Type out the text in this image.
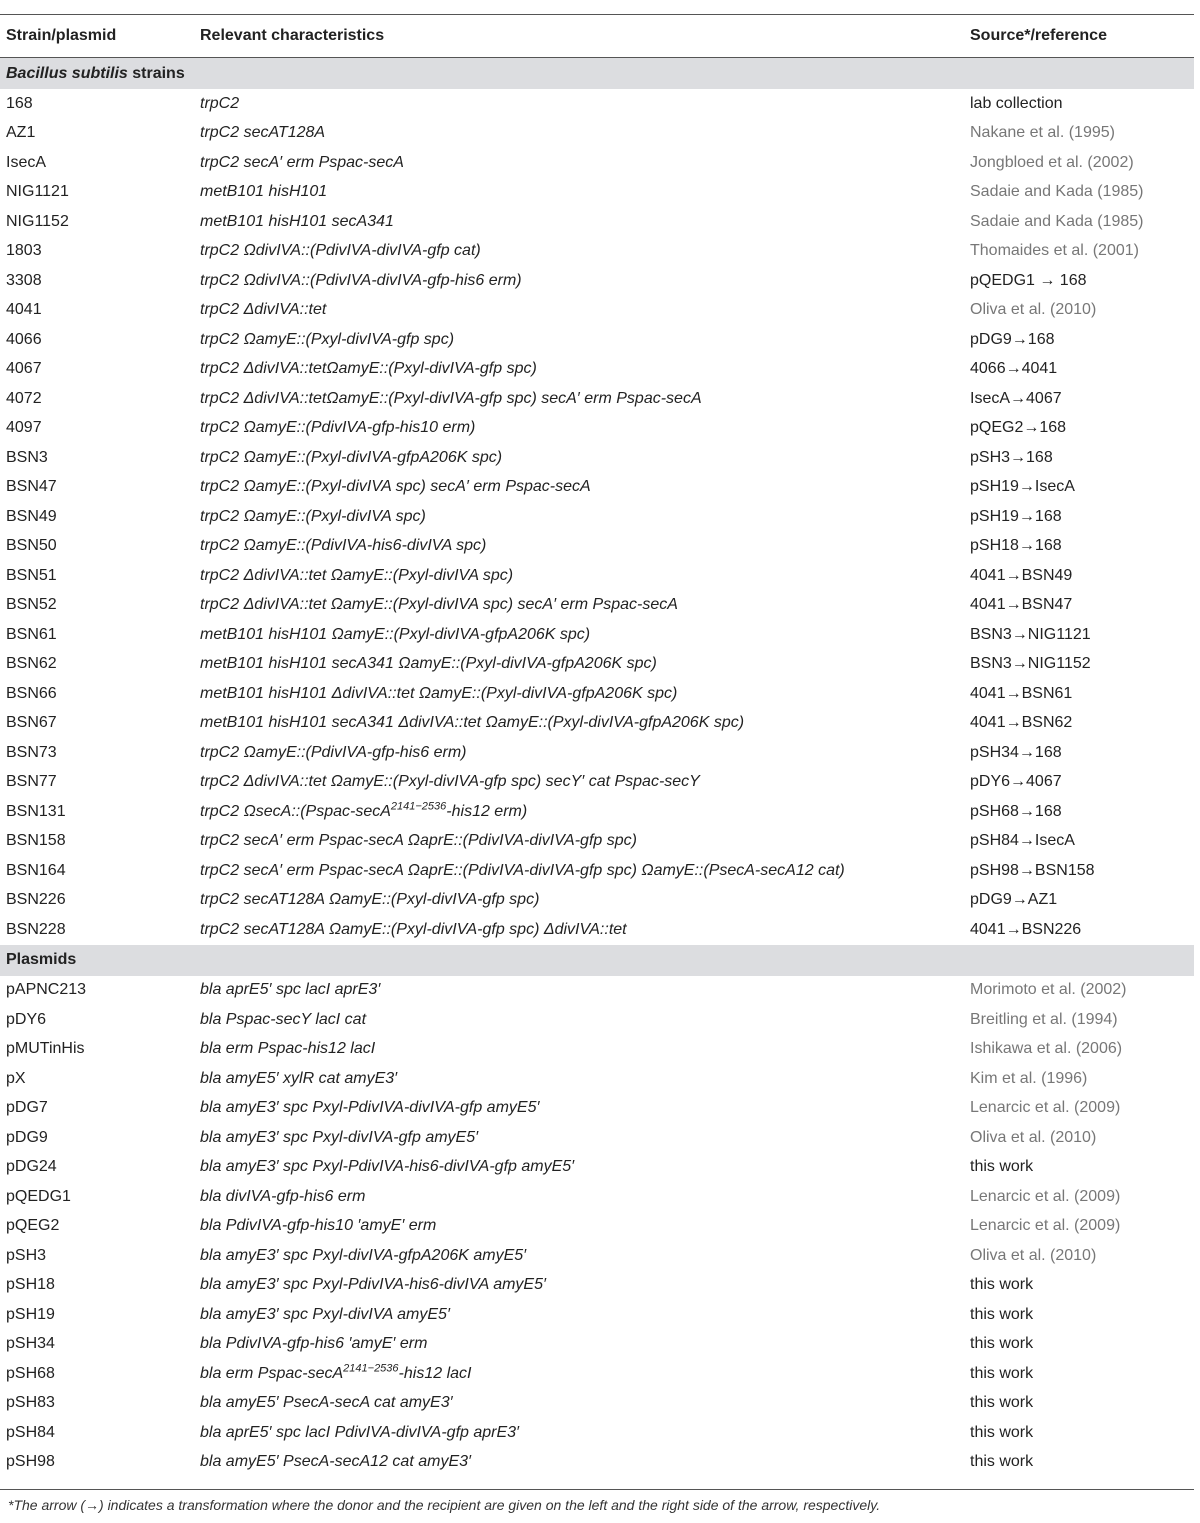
Strain/plasmid	Relevant characteristics	Source*/reference
Bacillus subtilis strains
168	trpC2	lab collection
AZ1	trpC2 secAT128A	Nakane et al. (1995)
IsecA	trpC2 secA′ erm Pspac-secA	Jongbloed et al. (2002)
NIG1121	metB101 hisH101	Sadaie and Kada (1985)
NIG1152	metB101 hisH101 secA341	Sadaie and Kada (1985)
1803	trpC2 ΩdivIVA::(PdivIVA-divIVA-gfp cat)	Thomaides et al. (2001)
3308	trpC2 ΩdivIVA::(PdivIVA-divIVA-gfp-his6 erm)	pQEDG1 → 168
4041	trpC2 ΔdivIVA::tet	Oliva et al. (2010)
4066	trpC2 ΩamyE::(Pxyl-divIVA-gfp spc)	pDG9→168
4067	trpC2 ΔdivIVA::tetΩamyE::(Pxyl-divIVA-gfp spc)	4066→4041
4072	trpC2 ΔdivIVA::tetΩamyE::(Pxyl-divIVA-gfp spc) secA′ erm Pspac-secA	IsecA→4067
4097	trpC2 ΩamyE::(PdivIVA-gfp-his10 erm)	pQEG2→168
BSN3	trpC2 ΩamyE::(Pxyl-divIVA-gfpA206K spc)	pSH3→168
BSN47	trpC2 ΩamyE::(Pxyl-divIVA spc) secA′ erm Pspac-secA	pSH19→IsecA
BSN49	trpC2 ΩamyE::(Pxyl-divIVA spc)	pSH19→168
BSN50	trpC2 ΩamyE::(PdivIVA-his6-divIVA spc)	pSH18→168
BSN51	trpC2 ΔdivIVA::tet ΩamyE::(Pxyl-divIVA spc)	4041→BSN49
BSN52	trpC2 ΔdivIVA::tet ΩamyE::(Pxyl-divIVA spc) secA′ erm Pspac-secA	4041→BSN47
BSN61	metB101 hisH101 ΩamyE::(Pxyl-divIVA-gfpA206K spc)	BSN3→NIG1121
BSN62	metB101 hisH101 secA341 ΩamyE::(Pxyl-divIVA-gfpA206K spc)	BSN3→NIG1152
BSN66	metB101 hisH101 ΔdivIVA::tet ΩamyE::(Pxyl-divIVA-gfpA206K spc)	4041→BSN61
BSN67	metB101 hisH101 secA341 ΔdivIVA::tet ΩamyE::(Pxyl-divIVA-gfpA206K spc)	4041→BSN62
BSN73	trpC2 ΩamyE::(PdivIVA-gfp-his6 erm)	pSH34→168
BSN77	trpC2 ΔdivIVA::tet ΩamyE::(Pxyl-divIVA-gfp spc) secY′ cat Pspac-secY	pDY6→4067
BSN131	trpC2 ΩsecA::(Pspac-secA$^{2141-2536}$-his12 erm)	pSH68→168
BSN158	trpC2 secA′ erm Pspac-secA ΩaprE::(PdivIVA-divIVA-gfp spc)	pSH84→IsecA
BSN164	trpC2 secA′ erm Pspac-secA ΩaprE::(PdivIVA-divIVA-gfp spc) ΩamyE::(PsecA-secA12 cat)	pSH98→BSN158
BSN226	trpC2 secAT128A ΩamyE::(Pxyl-divIVA-gfp spc)	pDG9→AZ1
BSN228	trpC2 secAT128A ΩamyE::(Pxyl-divIVA-gfp spc) ΔdivIVA::tet	4041→BSN226
Plasmids
pAPNC213	bla aprE5′ spc lacI aprE3′	Morimoto et al. (2002)
pDY6	bla Pspac-secY lacI cat	Breitling et al. (1994)
pMUTinHis	bla erm Pspac-his12 lacI	Ishikawa et al. (2006)
pX	bla amyE5′ xylR cat amyE3′	Kim et al. (1996)
pDG7	bla amyE3′ spc Pxyl-PdivIVA-divIVA-gfp amyE5′	Lenarcic et al. (2009)
pDG9	bla amyE3′ spc Pxyl-divIVA-gfp amyE5′	Oliva et al. (2010)
pDG24	bla amyE3′ spc Pxyl-PdivIVA-his6-divIVA-gfp amyE5′	this work
pQEDG1	bla divIVA-gfp-his6 erm	Lenarcic et al. (2009)
pQEG2	bla PdivIVA-gfp-his10 ′amyE′ erm	Lenarcic et al. (2009)
pSH3	bla amyE3′ spc Pxyl-divIVA-gfpA206K amyE5′	Oliva et al. (2010)
pSH18	bla amyE3′ spc Pxyl-PdivIVA-his6-divIVA amyE5′	this work
pSH19	bla amyE3′ spc Pxyl-divIVA amyE5′	this work
pSH34	bla PdivIVA-gfp-his6 ′amyE′ erm	this work
pSH68	bla erm Pspac-secA$^{2141-2536}$-his12 lacI	this work
pSH83	bla amyE5′ PsecA-secA cat amyE3′	this work
pSH84	bla aprE5′ spc lacI PdivIVA-divIVA-gfp aprE3′	this work
pSH98	bla amyE5′ PsecA-secA12 cat amyE3′	this work
*The arrow (→) indicates a transformation where the donor and the recipient are given on the left and the right side of the arrow, respectively.
